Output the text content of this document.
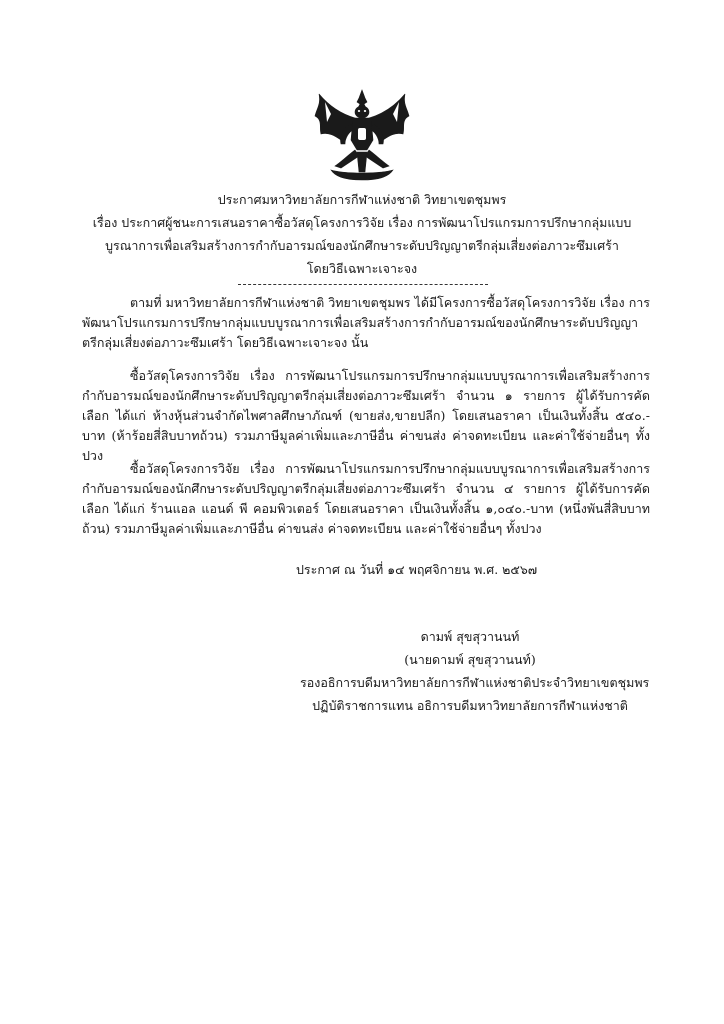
ประกาศมหาวิทยาลัยการกีฬาแห่งชาติ วิทยาเขตชุมพร
เรื่อง ประกาศผู้ชนะการเสนอราคาซื้อวัสดุโครงการวิจัย เรื่อง การพัฒนาโปรแกรมการปรึกษากลุ่มแบบ
บูรณาการเพื่อเสริมสร้างการกำกับอารมณ์ของนักศึกษาระดับปริญญาตรีกลุ่มเสี่ยงต่อภาวะซึมเศร้า
โดยวิธีเฉพาะเจาะจง
ตามที่ มหาวิทยาลัยการกีฬาแห่งชาติ วิทยาเขตชุมพร ได้มีโครงการซื้อวัสดุโครงการวิจัย เรื่อง การพัฒนาโปรแกรมการปรึกษากลุ่มแบบบูรณาการเพื่อเสริมสร้างการกำกับอารมณ์ของนักศึกษาระดับปริญญาตรีกลุ่มเสี่ยงต่อภาวะซึมเศร้า โดยวิธีเฉพาะเจาะจง นั้น
ซื้อวัสดุโครงการวิจัย เรื่อง การพัฒนาโปรแกรมการปรึกษากลุ่มแบบบูรณาการเพื่อเสริมสร้างการกำกับอารมณ์ของนักศึกษาระดับปริญญาตรีกลุ่มเสี่ยงต่อภาวะซึมเศร้า จำนวน ๑ รายการ ผู้ได้รับการคัดเลือก ได้แก่ ห้างหุ้นส่วนจำกัดไพศาลศึกษาภัณฑ์ (ขายส่ง,ขายปลีก) โดยเสนอราคา เป็นเงินทั้งสิ้น ๕๔๐.-บาท (ห้าร้อยสี่สิบบาทถ้วน) รวมภาษีมูลค่าเพิ่มและภาษีอื่น ค่าขนส่ง ค่าจดทะเบียน และค่าใช้จ่ายอื่นๆ ทั้งปวง
ซื้อวัสดุโครงการวิจัย เรื่อง การพัฒนาโปรแกรมการปรึกษากลุ่มแบบบูรณาการเพื่อเสริมสร้างการกำกับอารมณ์ของนักศึกษาระดับปริญญาตรีกลุ่มเสี่ยงต่อภาวะซึมเศร้า จำนวน ๔ รายการ ผู้ได้รับการคัดเลือก ได้แก่ ร้านแอล แอนด์ พี คอมพิวเตอร์ โดยเสนอราคา เป็นเงินทั้งสิ้น ๑,๐๔๐.-บาท (หนึ่งพันสี่สิบบาทถ้วน) รวมภาษีมูลค่าเพิ่มและภาษีอื่น ค่าขนส่ง ค่าจดทะเบียน และค่าใช้จ่ายอื่นๆ ทั้งปวง
ประกาศ ณ วันที่ ๑๔ พฤศจิกายน พ.ศ. ๒๕๖๗
ดามพ์ สุขสุวานนท์
(นายดามพ์ สุขสุวานนท์)
รองอธิการบดีมหาวิทยาลัยการกีฬาแห่งชาติประจำวิทยาเขตชุมพร
ปฏิบัติราชการแทน อธิการบดีมหาวิทยาลัยการกีฬาแห่งชาติ
